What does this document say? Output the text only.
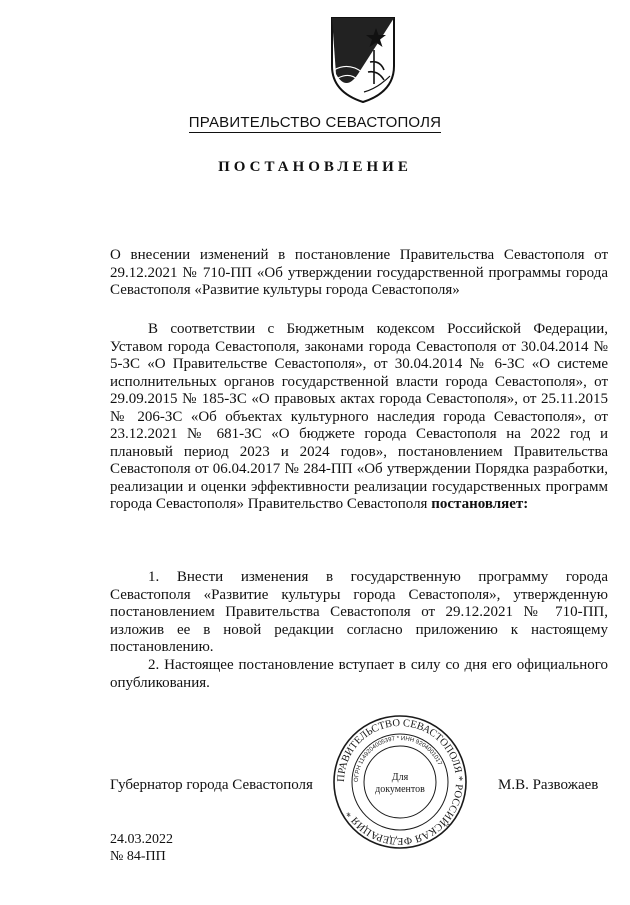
ПРАВИТЕЛЬСТВО СЕВАСТОПОЛЯ
ПОСТАНОВЛЕНИЕ
О внесении изменений в постановление Правительства Севастополя от 29.12.2021 № 710-ПП «Об утверждении государственной программы города Севастополя «Развитие культуры города Севастополя»
В соответствии с Бюджетным кодексом Российской Федерации, Уставом города Севастополя, законами города Севастополя от 30.04.2014 № 5-ЗС «О Правительстве Севастополя», от 30.04.2014 № 6-ЗС «О системе исполнительных органов государственной власти города Севастополя», от 29.09.2015 № 185-ЗС «О правовых актах города Севастополя», от 25.11.2015 № 206-ЗС «Об объектах культурного наследия города Севастополя», от 23.12.2021 № 681-ЗС «О бюджете города Севастополя на 2022 год и плановый период 2023 и 2024 годов», постановлением Правительства Севастополя от 06.04.2017 № 284-ПП «Об утверждении Порядка разработки, реализации и оценки эффективности реализации государственных программ города Севастополя» Правительство Севастополя постановляет:
1. Внести изменения в государственную программу города Севастополя «Развитие культуры города Севастополя», утвержденную постановлением Правительства Севастополя от 29.12.2021 № 710-ПП, изложив ее в новой редакции согласно приложению к настоящему постановлению.
2. Настоящее постановление вступает в силу со дня его официального опубликования.
Губернатор города Севастополя	М.В. Развожаев
ПРАВИТЕЛЬСТВО СЕВАСТОПОЛЯ * РОССИЙСКАЯ ФЕДЕРАЦИЯ *
ОГРН 1149204005397 * ИНН 9204001017
Для
документов
24.03.2022
№ 84-ПП
